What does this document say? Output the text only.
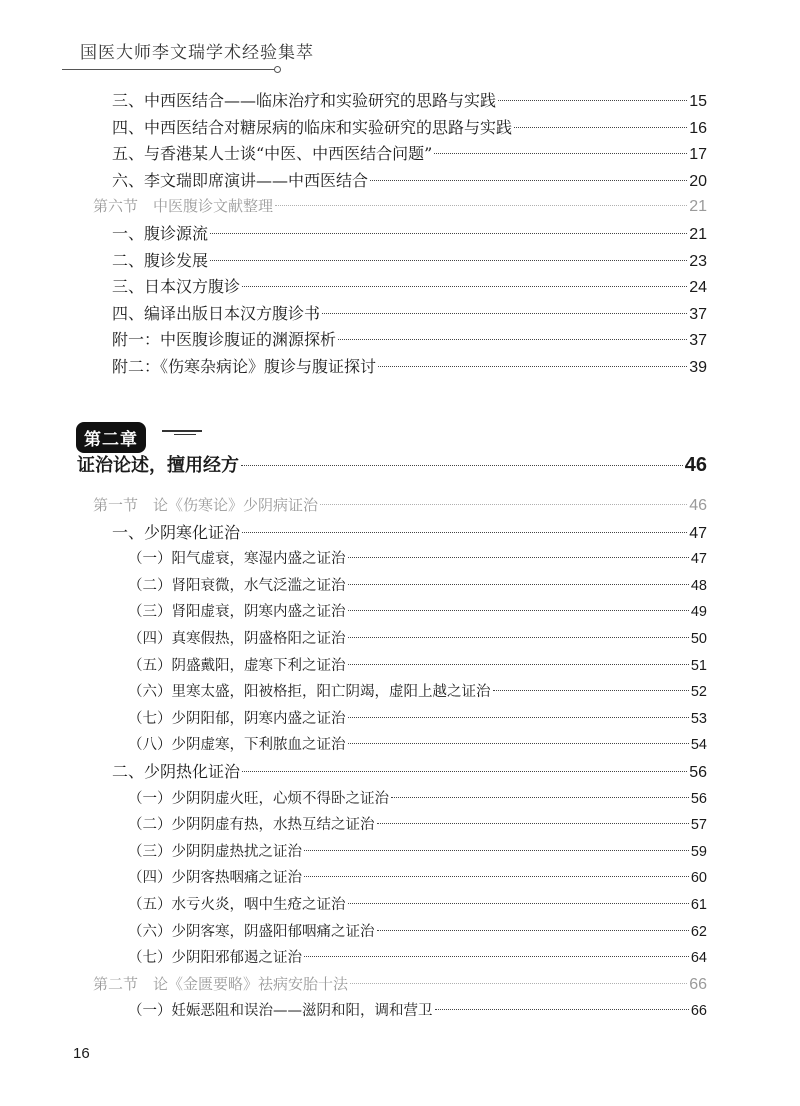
国医大师李文瑞学术经验集萃
三、中西医结合——临床治疗和实验研究的思路与实践	15
四、中西医结合对糖尿病的临床和实验研究的思路与实践	16
五、与香港某人士谈“中医、中西医结合问题”	17
六、李文瑞即席演讲——中西医结合	20
第六节　中医腹诊文献整理	21
一、腹诊源流	21
二、腹诊发展	23
三、日本汉方腹诊	24
四、编译出版日本汉方腹诊书	37
附一：中医腹诊腹证的渊源探析	37
附二：《伤寒杂病论》腹诊与腹证探讨	39
第二章
证治论述，擅用经方	46
第一节　论《伤寒论》少阴病证治	46
一、少阴寒化证治	47
（一）阳气虚衰，寒湿内盛之证治	47
（二）肾阳衰微，水气泛滥之证治	48
（三）肾阳虚衰，阴寒内盛之证治	49
（四）真寒假热，阴盛格阳之证治	50
（五）阴盛戴阳，虚寒下利之证治	51
（六）里寒太盛，阳被格拒，阳亡阴竭，虚阳上越之证治	52
（七）少阴阳郁，阴寒内盛之证治	53
（八）少阴虚寒，下利脓血之证治	54
二、少阴热化证治	56
（一）少阴阴虚火旺，心烦不得卧之证治	56
（二）少阴阴虚有热，水热互结之证治	57
（三）少阴阴虚热扰之证治	59
（四）少阴客热咽痛之证治	60
（五）水亏火炎，咽中生疮之证治	61
（六）少阴客寒，阴盛阳郁咽痛之证治	62
（七）少阴阳邪郁遏之证治	64
第二节　论《金匮要略》祛病安胎十法	66
（一）妊娠恶阻和误治——滋阴和阳，调和营卫	66
16
